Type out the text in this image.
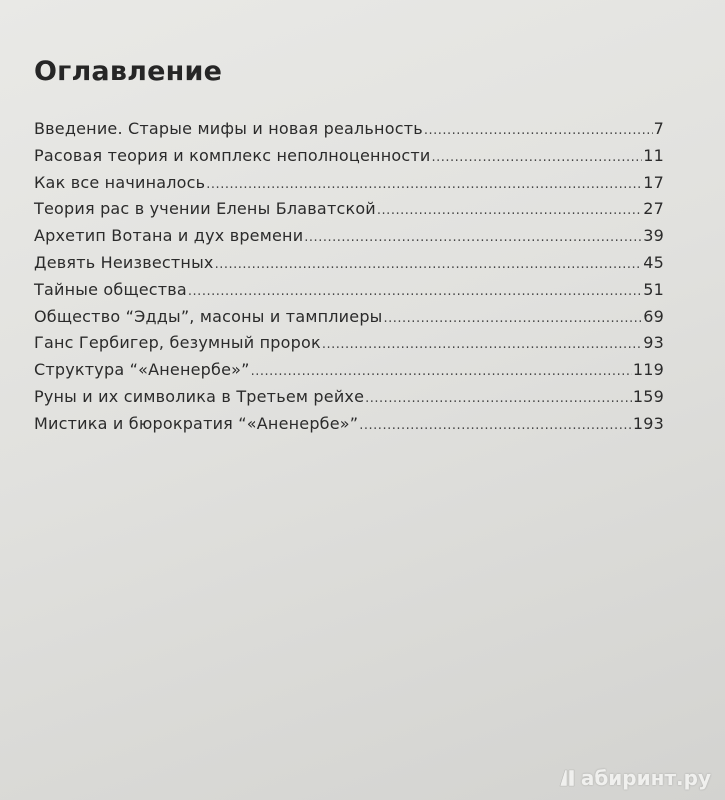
Оглавление
Введение. Старые мифы и новая реальность .....	7
Расовая теория и комплекс неполноценности .....	11
Как все начиналось .....	17
Теория рас в учении Елены Блаватской .....	27
Архетип Вотана и дух времени .....	39
Девять Неизвестных .....	45
Тайные общества .....	51
Общество “Эдды”, масоны и тамплиеры .....	69
Ганс Гербигер, безумный пророк .....	93
Структура “«Аненербе»” .....	119
Руны и их символика в Третьем рейхе .....	159
Мистика и бюрократия “«Аненербе»” .....	193
абиринт.ру
